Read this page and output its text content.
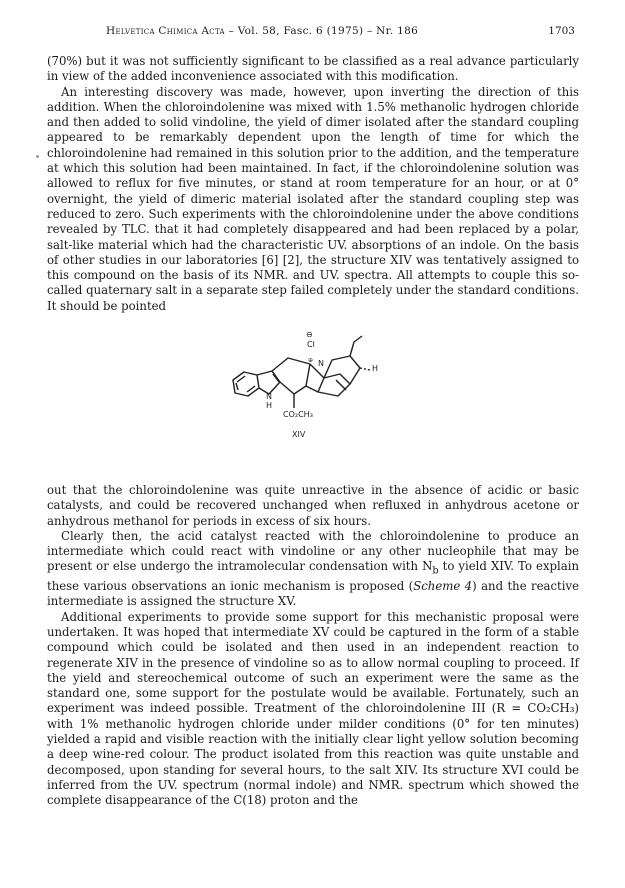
Helvetica Chimica Acta – Vol. 58, Fasc. 6 (1975) – Nr. 186	1703

(70%) but it was not sufficiently significant to be classified as a real advance particularly in view of the added inconvenience associated with this modification.

An interesting discovery was made, however, upon inverting the direction of this addition. When the chloroindolenine was mixed with 1.5% methanolic hydrogen chloride and then added to solid vindoline, the yield of dimer isolated after the standard coupling appeared to be remarkably dependent upon the length of time for which the chloroindolenine had remained in this solution prior to the addition, and the temperature at which this solution had been maintained. In fact, if the chloroindolenine solution was allowed to reflux for five minutes, or stand at room temperature for an hour, or at 0° overnight, the yield of dimeric material isolated after the standard coupling step was reduced to zero. Such experiments with the chloroindolenine under the above conditions revealed by TLC. that it had completely disappeared and had been replaced by a polar, salt-like material which had the characteristic UV. absorptions of an indole. On the basis of other studies in our laboratories [6] [2], the structure XIV was tentatively assigned to this compound on the basis of its NMR. and UV. spectra. All attempts to couple this so-called quaternary salt in a separate step failed completely under the standard conditions. It should be pointed

⊖
Cl
⊕ N
H
N
H
CO₂CH₃
XIV

out that the chloroindolenine was quite unreactive in the absence of acidic or basic catalysts, and could be recovered unchanged when refluxed in anhydrous acetone or anhydrous methanol for periods in excess of six hours.

Clearly then, the acid catalyst reacted with the chloroindolenine to produce an intermediate which could react with vindoline or any other nucleophile that may be present or else undergo the intramolecular condensation with $N_b$ to yield XIV. To explain these various observations an ionic mechanism is proposed (Scheme 4) and the reactive intermediate is assigned the structure XV.

Additional experiments to provide some support for this mechanistic proposal were undertaken. It was hoped that intermediate XV could be captured in the form of a stable compound which could be isolated and then used in an independent reaction to regenerate XIV in the presence of vindoline so as to allow normal coupling to proceed. If the yield and stereochemical outcome of such an experiment were the same as the standard one, some support for the postulate would be available. Fortunately, such an experiment was indeed possible. Treatment of the chloroindolenine III (R = CO₂CH₃) with 1% methanolic hydrogen chloride under milder conditions (0° for ten minutes) yielded a rapid and visible reaction with the initially clear light yellow solution becoming a deep wine-red colour. The product isolated from this reaction was quite unstable and decomposed, upon standing for several hours, to the salt XIV. Its structure XVI could be inferred from the UV. spectrum (normal indole) and NMR. spectrum which showed the complete disappearance of the C(18) proton and the
